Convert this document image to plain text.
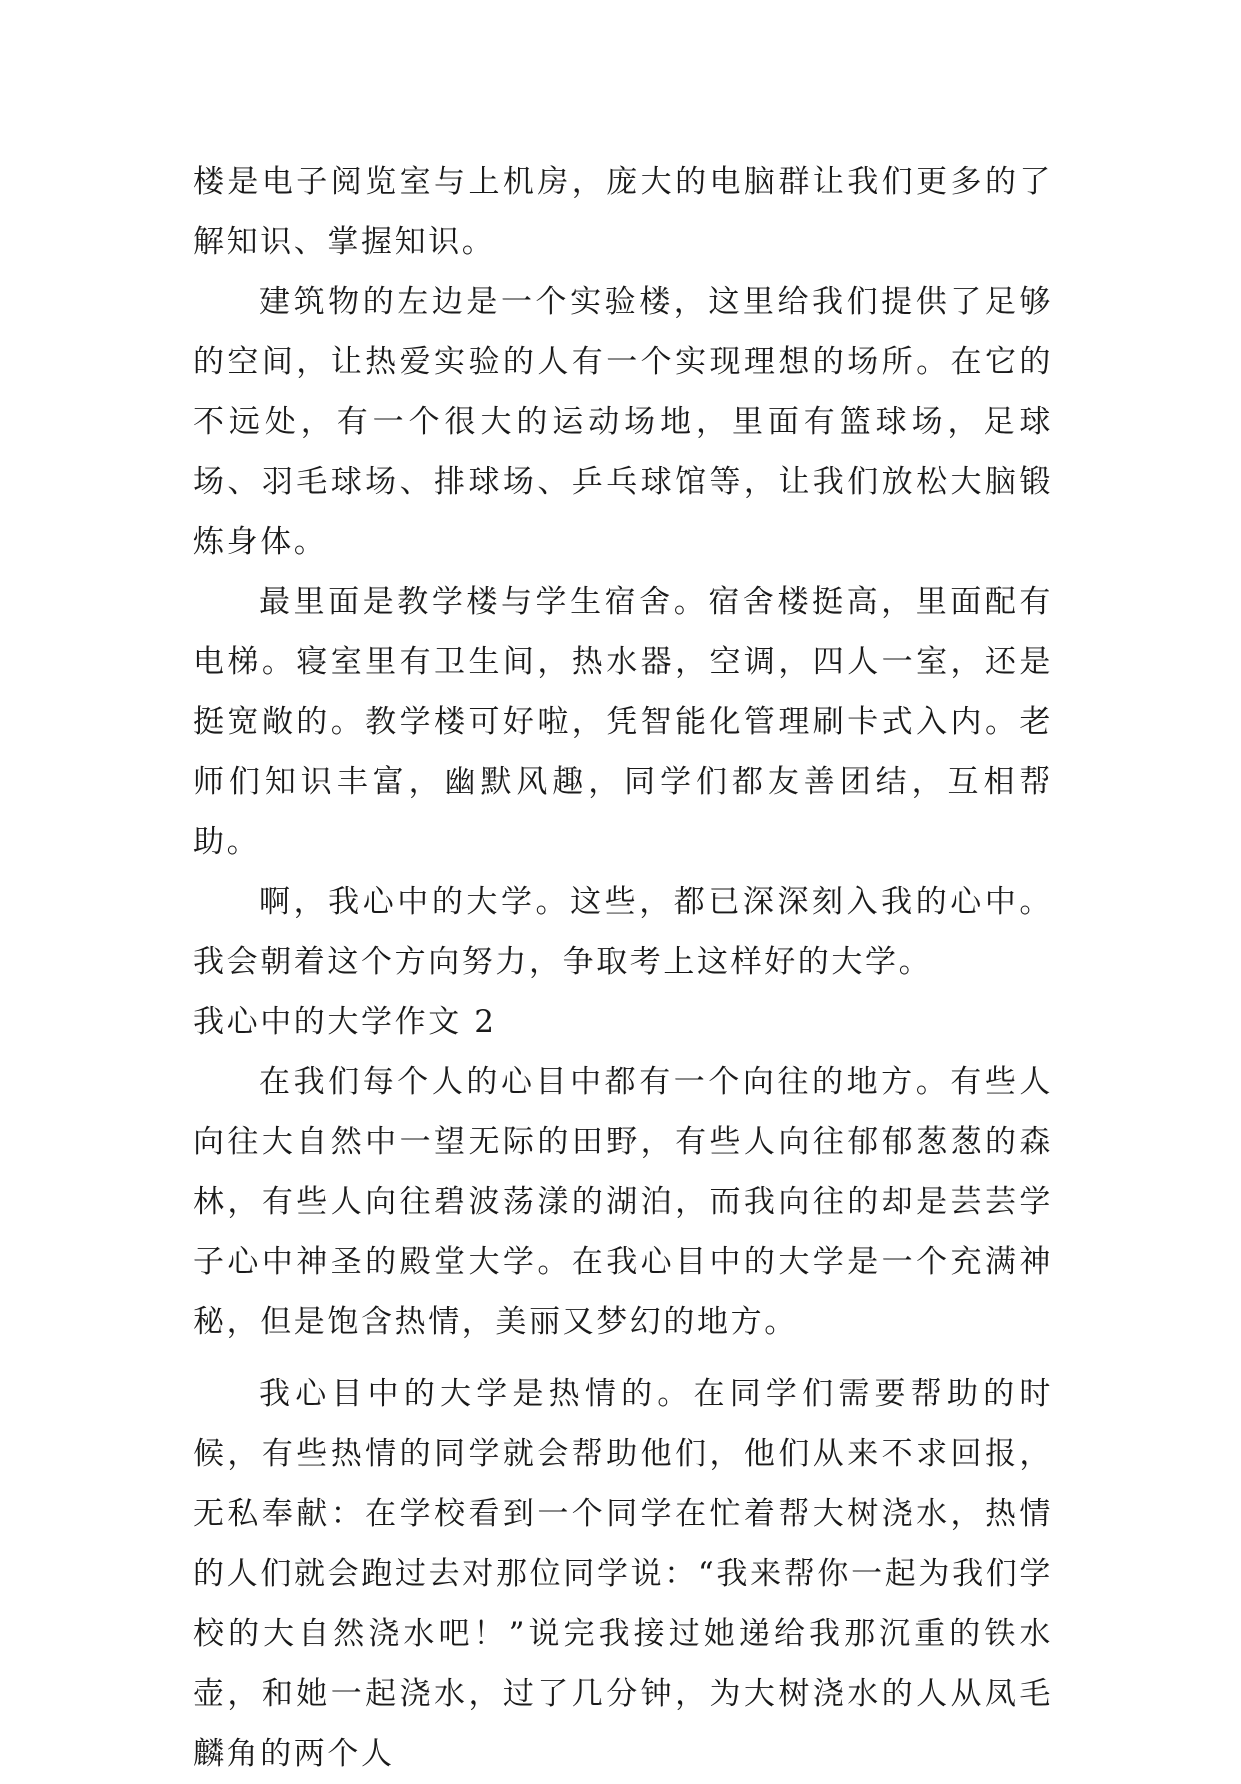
楼是电子阅览室与上机房，庞大的电脑群让我们更多的了解知识、掌握知识。

建筑物的左边是一个实验楼，这里给我们提供了足够的空间，让热爱实验的人有一个实现理想的场所。在它的不远处，有一个很大的运动场地，里面有篮球场，足球场、羽毛球场、排球场、乒乓球馆等，让我们放松大脑锻炼身体。

最里面是教学楼与学生宿舍。宿舍楼挺高，里面配有电梯。寝室里有卫生间，热水器，空调，四人一室，还是挺宽敞的。教学楼可好啦，凭智能化管理刷卡式入内。老师们知识丰富，幽默风趣，同学们都友善团结，互相帮助。

啊，我心中的大学。这些，都已深深刻入我的心中。我会朝着这个方向努力，争取考上这样好的大学。

我心中的大学作文 2

在我们每个人的心目中都有一个向往的地方。有些人向往大自然中一望无际的田野，有些人向往郁郁葱葱的森林，有些人向往碧波荡漾的湖泊，而我向往的却是芸芸学子心中神圣的殿堂大学。在我心目中的大学是一个充满神秘，但是饱含热情，美丽又梦幻的地方。

我心目中的大学是热情的。在同学们需要帮助的时候，有些热情的同学就会帮助他们，他们从来不求回报，无私奉献：在学校看到一个同学在忙着帮大树浇水，热情的人们就会跑过去对那位同学说：“我来帮你一起为我们学校的大自然浇水吧！”说完我接过她递给我那沉重的铁水壶，和她一起浇水，过了几分钟，为大树浇水的人从凤毛麟角的两个人
